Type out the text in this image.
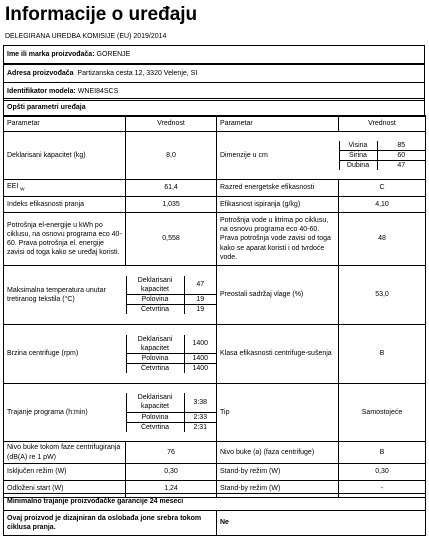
Informacije o uređaju
DELEGIRANA UREDBA KOMISIJE (EU) 2019/2014
Ime ili marka proizvođača: GORENJE
Adresa proizvođača Partizanska cesta 12, 3320 Velenje, SI
Identifikator modela: WNEI84SCS
Opšti parametri uređaja
Parametar	Vrednost	Parametar	Vrednost
Deklarisani kapacitet (kg)	8,0		Dimenzije u cm	Visina	85
Širina	60
Dubina	47

EEI $_w$	61,4	Razred energetske efikasnosti	C
Indeks efikasnosti pranja	1,035	Efikasnost ispiranja (g/kg)	4,10
Potrošnja el-energije u kWh po ciklusu, na osnovu programa eco 40-60. Prava potrošnja el. energije zavisi od toga kako se uređaj koristi.	0,558	Potrošnja vode u litrima po ciklusu, na osnovu programa eco 40-60. Prava potrošnja vode zavisi od toga kako se aparat koristi i od tvrdoće vode.	48

Maksimalna temperatura unutar tretiranog tekstila (°C)	Deklarisani kapacitet	47
Polovina	19
Četvrtina	19
	Preostali sadržaj vlage (%)	53,0

Brzina centrifuge (rpm)	Deklarisani kapacitet	1400
Polovina	1400
Četvrtina	1400
	Klasa efikasnosti centrifuge-sušenja	B

Trajanje programa (h:min)	Deklarisani kapacitet	3:38
Polovina	2:33
Četvrtina	2:31
	Tip	Samostojeće
Nivo buke tokom faze centrifugiranja (dB(A) re 1 pW)	76	Nivo buke (a) (faza centrifuge)	B
Isključen režim (W)	0,30	Stand-by režim (W)	0,30
Odloženi start (W)	1,24	Stand-by režim (W)	-
Minimalno trajanje proizvođačke garancije 24 meseci
Ovaj proizvod je dizajniran da oslobađa jone srebra tokom ciklusa pranja.	Ne
